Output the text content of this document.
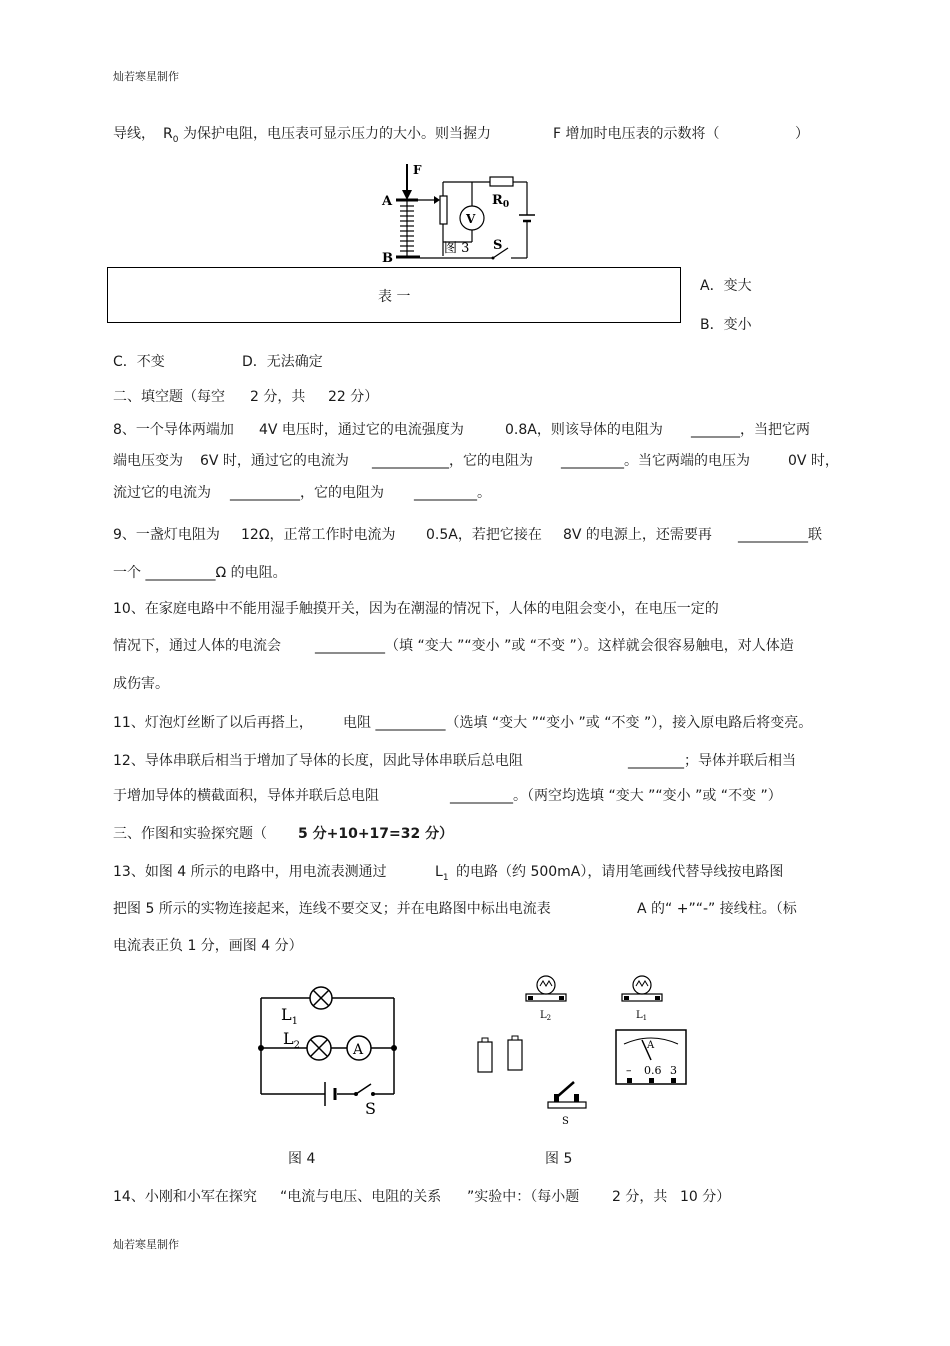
灿若寒星制作
导线， $R_0$ 为保护电阻，电压表可显示压力的大小。则当握力	F 增加时电压表的示数将（	）
F
A
B
$R_0$
V
S
图 3
表 一
A．变大
B．变小
C．不变	D．无法确定
二、填空题（每空 2 分，共 22 分）
8、一个导体两端加 4V 电压时，通过它的电流强度为	0.8A，则该导体的电阻为 _______，当把它两
端电压变为 6V 时，通过它的电流为 ___________，它的电阻为 _________。当它两端的电压为	0V 时，
流过它的电流为 __________，它的电阻为 _________。
9、一盏灯电阻为 12Ω，正常工作时电流为 0.5A，若把它接在 8V 的电源上，还需要再 __________联
一个 __________Ω 的电阻。
10、在家庭电路中不能用湿手触摸开关，因为在潮湿的情况下，人体的电阻会变小，在电压一定的
情况下，通过人体的电流会 __________（填 “变大 ”“变小 ”或 “不变 ”）。这样就会很容易触电，对人体造
成伤害。
11、灯泡灯丝断了以后再搭上， 电阻 __________（选填 “变大 ”“变小 ”或 “不变 ”），接入原电路后将变亮。
12、导体串联后相当于增加了导体的长度，因此导体串联后总电阻	________；导体并联后相当
于增加导体的横截面积，导体并联后总电阻	_________。（两空均选填 “变大 ”“变小 ”或 “不变 ”）
三、作图和实验探究题（ 5 分+10+17=32 分）
13、如图 4 所示的电路中，用电流表测通过	$L_1$ 的电路（约 500mA），请用笔画线代替导线按电路图
把图 5 所示的实物连接起来，连线不要交叉；并在电路图中标出电流表	A 的“ +”“-” 接线柱。（标
电流表正负 1 分，画图 4 分）
$L_1$
$L_2$	A
S
图 4
$L_2$	$L_1$
A
– 0.6 3
S
图 5
14、小刚和小军在探究 “电流与电压、电阻的关系 ”实验中：（每小题 2 分，共 10 分）
灿若寒星制作
